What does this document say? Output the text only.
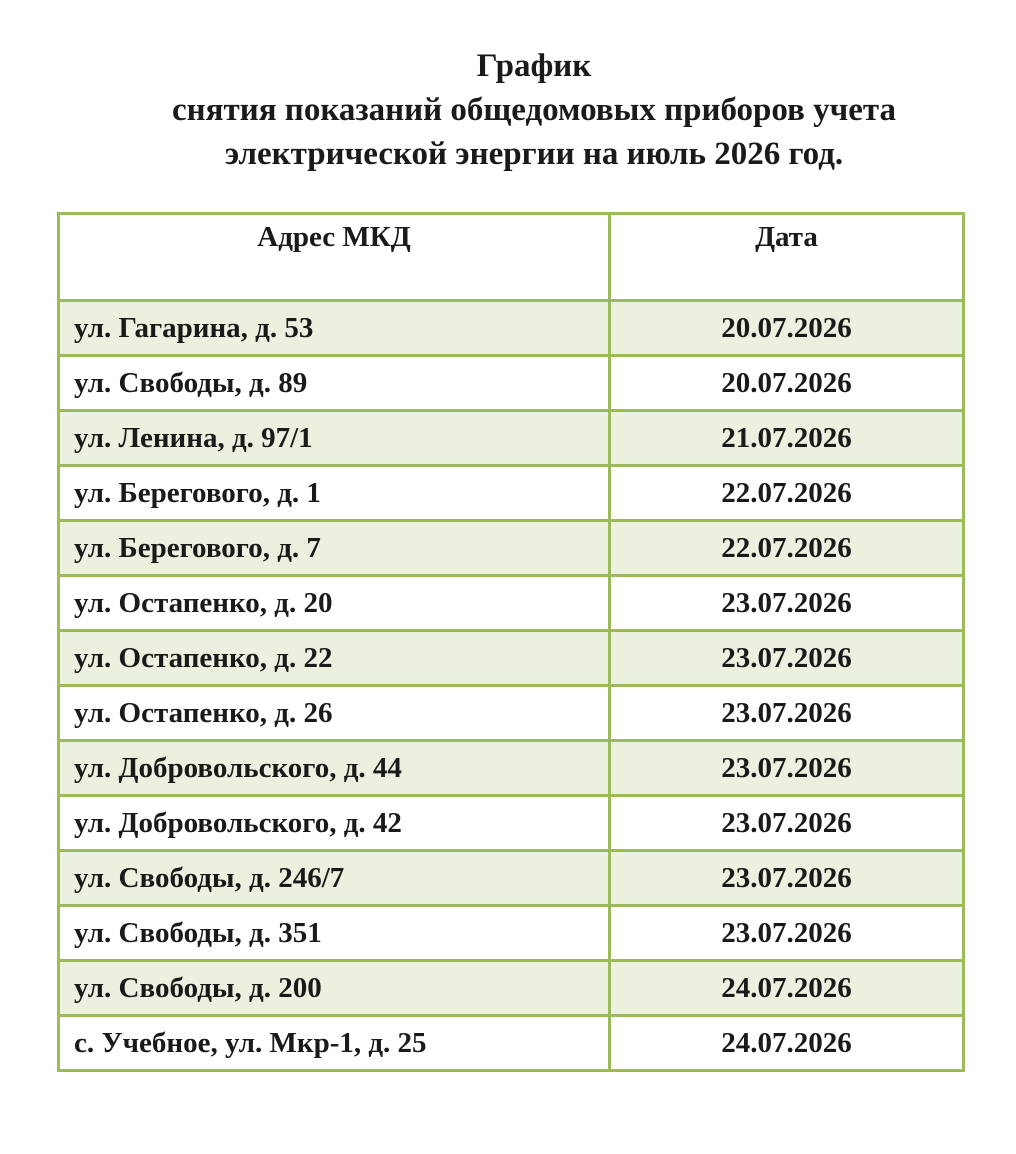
График
снятия показаний общедомовых приборов учета
электрической энергии на июль 2026 год.
Адрес МКД	Дата
ул. Гагарина, д. 53	20.07.2026
ул. Свободы, д. 89	20.07.2026
ул. Ленина, д. 97/1	21.07.2026
ул. Берегового, д. 1	22.07.2026
ул. Берегового, д. 7	22.07.2026
ул. Остапенко, д. 20	23.07.2026
ул. Остапенко, д. 22	23.07.2026
ул. Остапенко, д. 26	23.07.2026
ул. Добровольского, д. 44	23.07.2026
ул. Добровольского, д. 42	23.07.2026
ул. Свободы, д. 246/7	23.07.2026
ул. Свободы, д. 351	23.07.2026
ул. Свободы, д. 200	24.07.2026
с. Учебное, ул. Мкр-1, д. 25	24.07.2026
